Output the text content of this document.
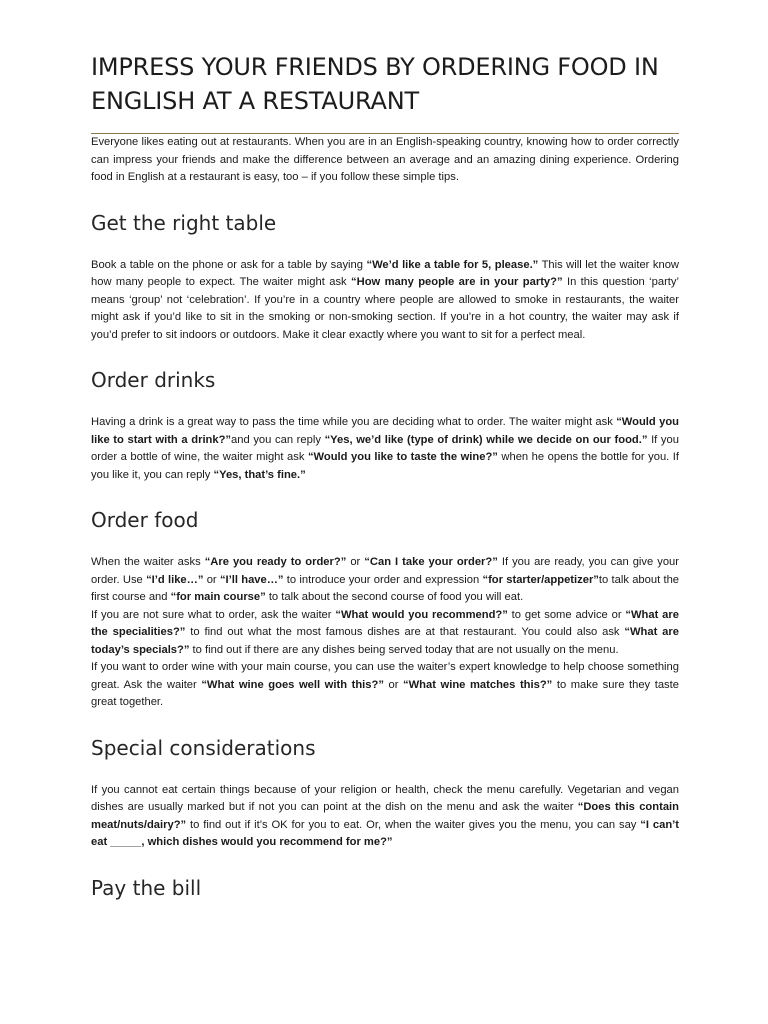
IMPRESS YOUR FRIENDS BY ORDERING FOOD IN ENGLISH AT A RESTAURANT

Everyone likes eating out at restaurants. When you are in an English-speaking country, knowing how to order correctly can impress your friends and make the difference between an average and an amazing dining experience. Ordering food in English at a restaurant is easy, too – if you follow these simple tips.

Get the right table

Book a table on the phone or ask for a table by saying “We’d like a table for 5, please.” This will let the waiter know how many people to expect. The waiter might ask “How many people are in your party?” In this question ‘party’ means ‘group’ not ‘celebration’. If you’re in a country where people are allowed to smoke in restaurants, the waiter might ask if you’d like to sit in the smoking or non-smoking section. If you’re in a hot country, the waiter may ask if you’d prefer to sit indoors or outdoors. Make it clear exactly where you want to sit for a perfect meal.

Order drinks

Having a drink is a great way to pass the time while you are deciding what to order. The waiter might ask “Would you like to start with a drink?”and you can reply “Yes, we’d like (type of drink) while we decide on our food.” If you order a bottle of wine, the waiter might ask “Would you like to taste the wine?” when he opens the bottle for you. If you like it, you can reply “Yes, that’s fine.”

Order food

When the waiter asks “Are you ready to order?” or “Can I take your order?” If you are ready, you can give your order. Use “I’d like…” or “I’ll have…” to introduce your order and expression “for starter/appetizer”to talk about the first course and “for main course” to talk about the second course of food you will eat.

If you are not sure what to order, ask the waiter “What would you recommend?” to get some advice or “What are the specialities?” to find out what the most famous dishes are at that restaurant. You could also ask “What are today’s specials?” to find out if there are any dishes being served today that are not usually on the menu.

If you want to order wine with your main course, you can use the waiter’s expert knowledge to help choose something great. Ask the waiter “What wine goes well with this?” or “What wine matches this?” to make sure they taste great together.

Special considerations

If you cannot eat certain things because of your religion or health, check the menu carefully. Vegetarian and vegan dishes are usually marked but if not you can point at the dish on the menu and ask the waiter “Does this contain meat/nuts/dairy?” to find out if it’s OK for you to eat. Or, when the waiter gives you the menu, you can say “I can’t eat _____, which dishes would you recommend for me?”

Pay the bill
